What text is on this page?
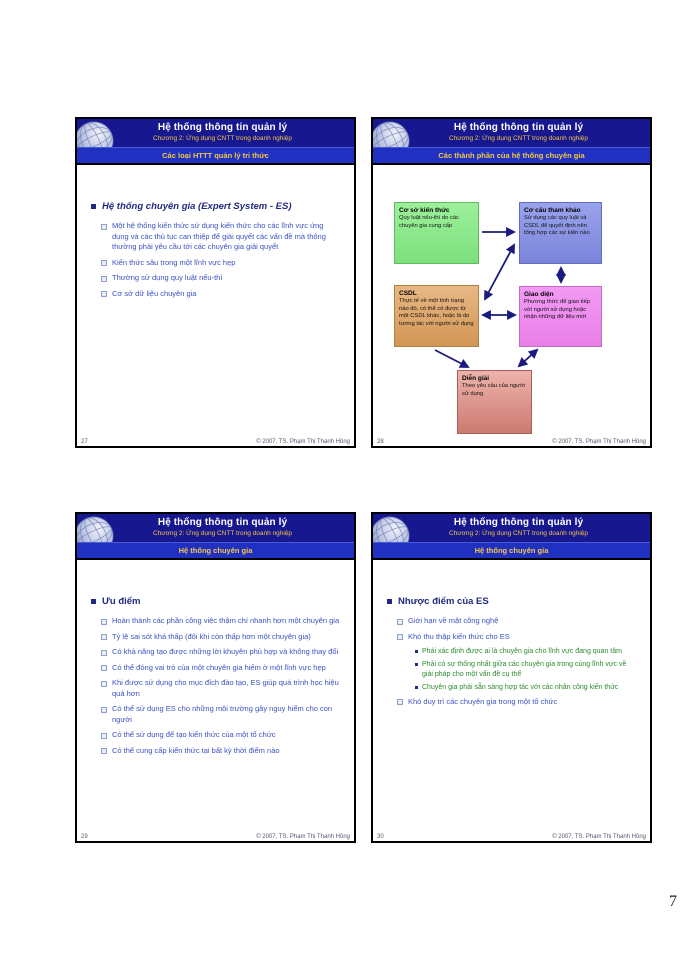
Hệ thống thông tin quản lý
Chương 2: Ứng dụng CNTT trong doanh nghiệp
Các loại HTTT quản lý tri thức
Hệ thống chuyên gia (Expert System - ES)
Một hệ thống kiến thức sử dụng kiến thức cho các lĩnh vực ứng dụng và các thủ tục can thiệp để giải quyết các vấn đề mà thông thường phải yêu cầu tới các chuyên gia giải quyết
Kiến thức sâu trong một lĩnh vực hẹp
Thường sử dụng quy luật nếu-thì
Cơ sở dữ liệu chuyên gia
27	© 2007, TS. Phạm Thị Thanh Hồng
Hệ thống thông tin quản lý
Chương 2: Ứng dụng CNTT trong doanh nghiệp
Các thành phần của hệ thống chuyên gia
Cơ sở kiến thức
Quy luật nếu-thì do các chuyên gia cung cấp
Cơ cấu tham khảo
Sử dụng các quy luật và CSDL để quyết định nên tổng hợp các sự kiện nào
CSDL
Thực tế về một tình trạng nào đó, có thể có được từ một CSDL khác, hoặc là do tương tác với người sử dụng
Giao diện
Phương thức để giao tiếp với người sử dụng hoặc nhận những dữ liệu mới
Diễn giải
Theo yêu cầu của người sử dụng
28	© 2007, TS. Phạm Thị Thanh Hồng
Hệ thống thông tin quản lý
Chương 2: Ứng dụng CNTT trong doanh nghiệp
Hệ thống chuyên gia
Ưu điểm
Hoàn thành các phần công việc thậm chí nhanh hơn một chuyên gia
Tỷ lệ sai sót khá thấp (đôi khi còn thấp hơn một chuyên gia)
Có khả năng tạo được những lời khuyên phù hợp và không thay đổi
Có thể đóng vai trò của một chuyên gia hiếm ở một lĩnh vực hẹp
Khi được sử dụng cho mục đích đào tạo, ES giúp quá trình học hiệu quả hơn
Có thể sử dụng ES cho những môi trường gây nguy hiểm cho con người
Có thể sử dụng để tạo kiến thức của một tổ chức
Có thể cung cấp kiến thức tại bất kỳ thời điểm nào
29	© 2007, TS. Phạm Thị Thanh Hồng
Hệ thống thông tin quản lý
Chương 2: Ứng dụng CNTT trong doanh nghiệp
Hệ thống chuyên gia
Nhược điểm của ES
Giới hạn về mặt công nghệ
Khó thu thập kiến thức cho ES
Phải xác định được ai là chuyên gia cho lĩnh vực đang quan tâm
Phải có sự thống nhất giữa các chuyên gia trong cùng lĩnh vực về giải pháp cho một vấn đề cụ thể
Chuyên gia phải sẵn sàng hợp tác với các nhân công kiến thức
Khó duy trì các chuyên gia trong một tổ chức
30	© 2007, TS. Phạm Thị Thanh Hồng
7
